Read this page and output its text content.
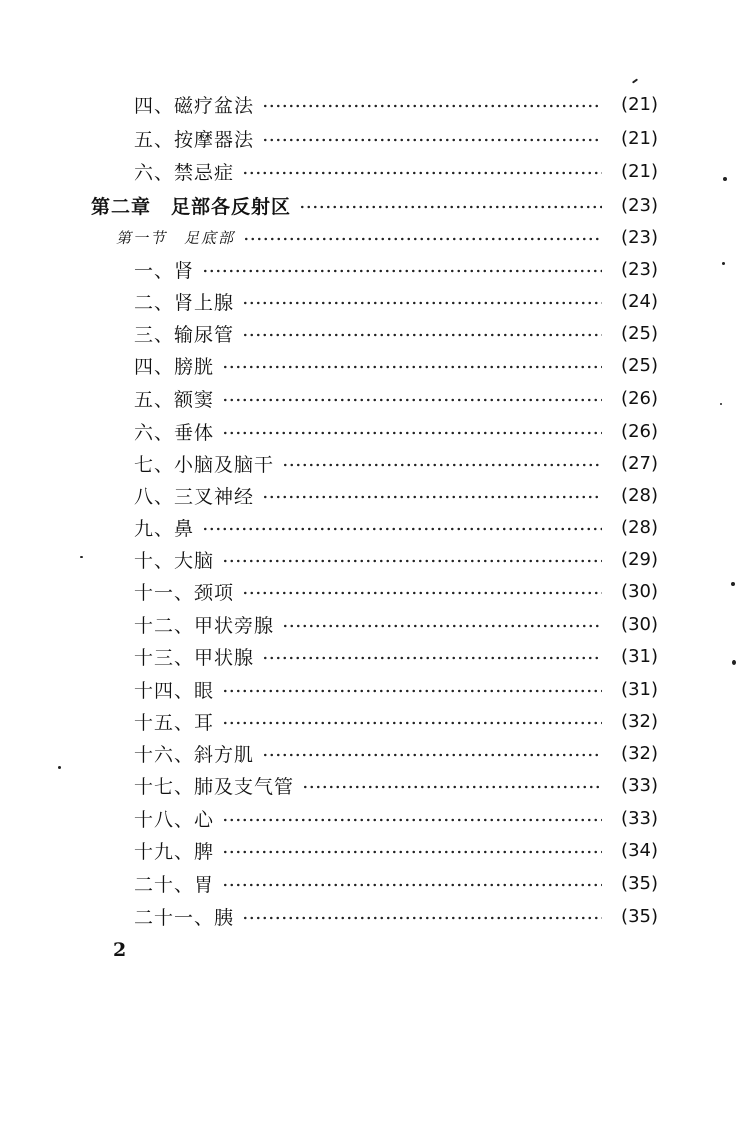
四、磁疗盆法	(21)
五、按摩器法	(21)
六、禁忌症	(21)
第二章　足部各反射区	(23)
第一节　足底部	(23)
一、肾	(23)
二、肾上腺	(24)
三、输尿管	(25)
四、膀胱	(25)
五、额窦	(26)
六、垂体	(26)
七、小脑及脑干	(27)
八、三叉神经	(28)
九、鼻	(28)
十、大脑	(29)
十一、颈项	(30)
十二、甲状旁腺	(30)
十三、甲状腺	(31)
十四、眼	(31)
十五、耳	(32)
十六、斜方肌	(32)
十七、肺及支气管	(33)
十八、心	(33)
十九、脾	(34)
二十、胃	(35)
二十一、胰	(35)
2
